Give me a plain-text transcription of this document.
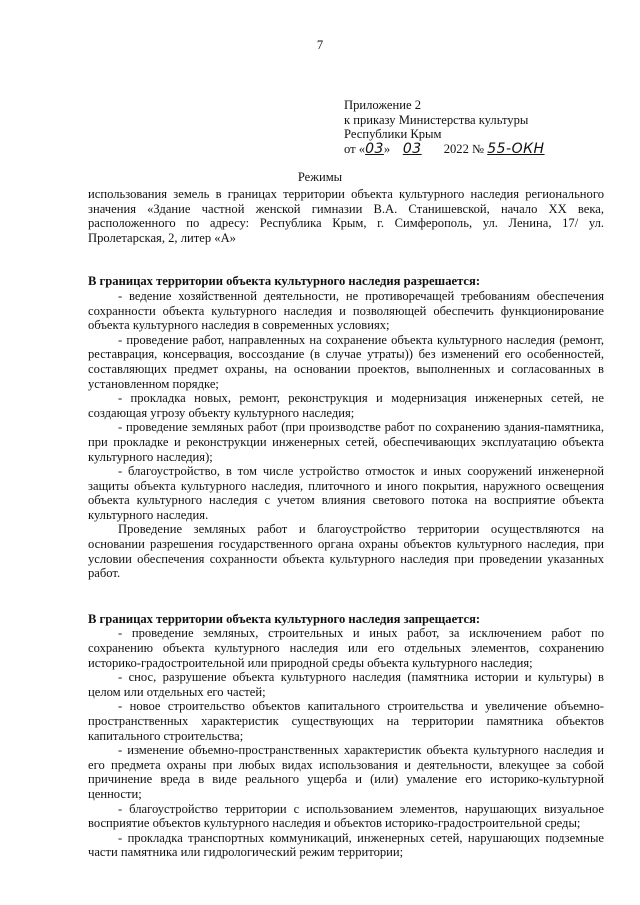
7
Приложение 2
к приказу Министерства культуры
Республики Крым
от «03» 03 2022 № 55-ОКН
Режимы

использования земель в границах территории объекта культурного наследия регионального значения «Здание частной женской гимназии В.А. Станишевской, начало XX века, расположенного по адресу: Республика Крым, г. Симферополь, ул. Ленина, 17/ ул. Пролетарская, 2, литер «А»

В границах территории объекта культурного наследия разрешается:

- ведение хозяйственной деятельности, не противоречащей требованиям обеспечения сохранности объекта культурного наследия и позволяющей обеспечить функционирование объекта культурного наследия в современных условиях;

- проведение работ, направленных на сохранение объекта культурного наследия (ремонт, реставрация, консервация, воссоздание (в случае утраты)) без изменений его особенностей, составляющих предмет охраны, на основании проектов, выполненных и согласованных в установленном порядке;

- прокладка новых, ремонт, реконструкция и модернизация инженерных сетей, не создающая угрозу объекту культурного наследия;

- проведение земляных работ (при производстве работ по сохранению здания-памятника, при прокладке и реконструкции инженерных сетей, обеспечивающих эксплуатацию объекта культурного наследия);

- благоустройство, в том числе устройство отмосток и иных сооружений инженерной защиты объекта культурного наследия, плиточного и иного покрытия, наружного освещения объекта культурного наследия с учетом влияния светового потока на восприятие объекта культурного наследия.

Проведение земляных работ и благоустройство территории осуществляются на основании разрешения государственного органа охраны объектов культурного наследия, при условии обеспечения сохранности объекта культурного наследия при проведении указанных работ.

В границах территории объекта культурного наследия запрещается:

- проведение земляных, строительных и иных работ, за исключением работ по сохранению объекта культурного наследия или его отдельных элементов, сохранению историко-градостроительной или природной среды объекта культурного наследия;

- снос, разрушение объекта культурного наследия (памятника истории и культуры) в целом или отдельных его частей;

- новое строительство объектов капитального строительства и увеличение объемно-пространственных характеристик существующих на территории памятника объектов капитального строительства;

- изменение объемно-пространственных характеристик объекта культурного наследия и его предмета охраны при любых видах использования и деятельности, влекущее за собой причинение вреда в виде реального ущерба и (или) умаление его историко-культурной ценности;

- благоустройство территории с использованием элементов, нарушающих визуальное восприятие объектов культурного наследия и объектов историко-градостроительной среды;

- прокладка транспортных коммуникаций, инженерных сетей, нарушающих подземные части памятника или гидрологический режим территории;
